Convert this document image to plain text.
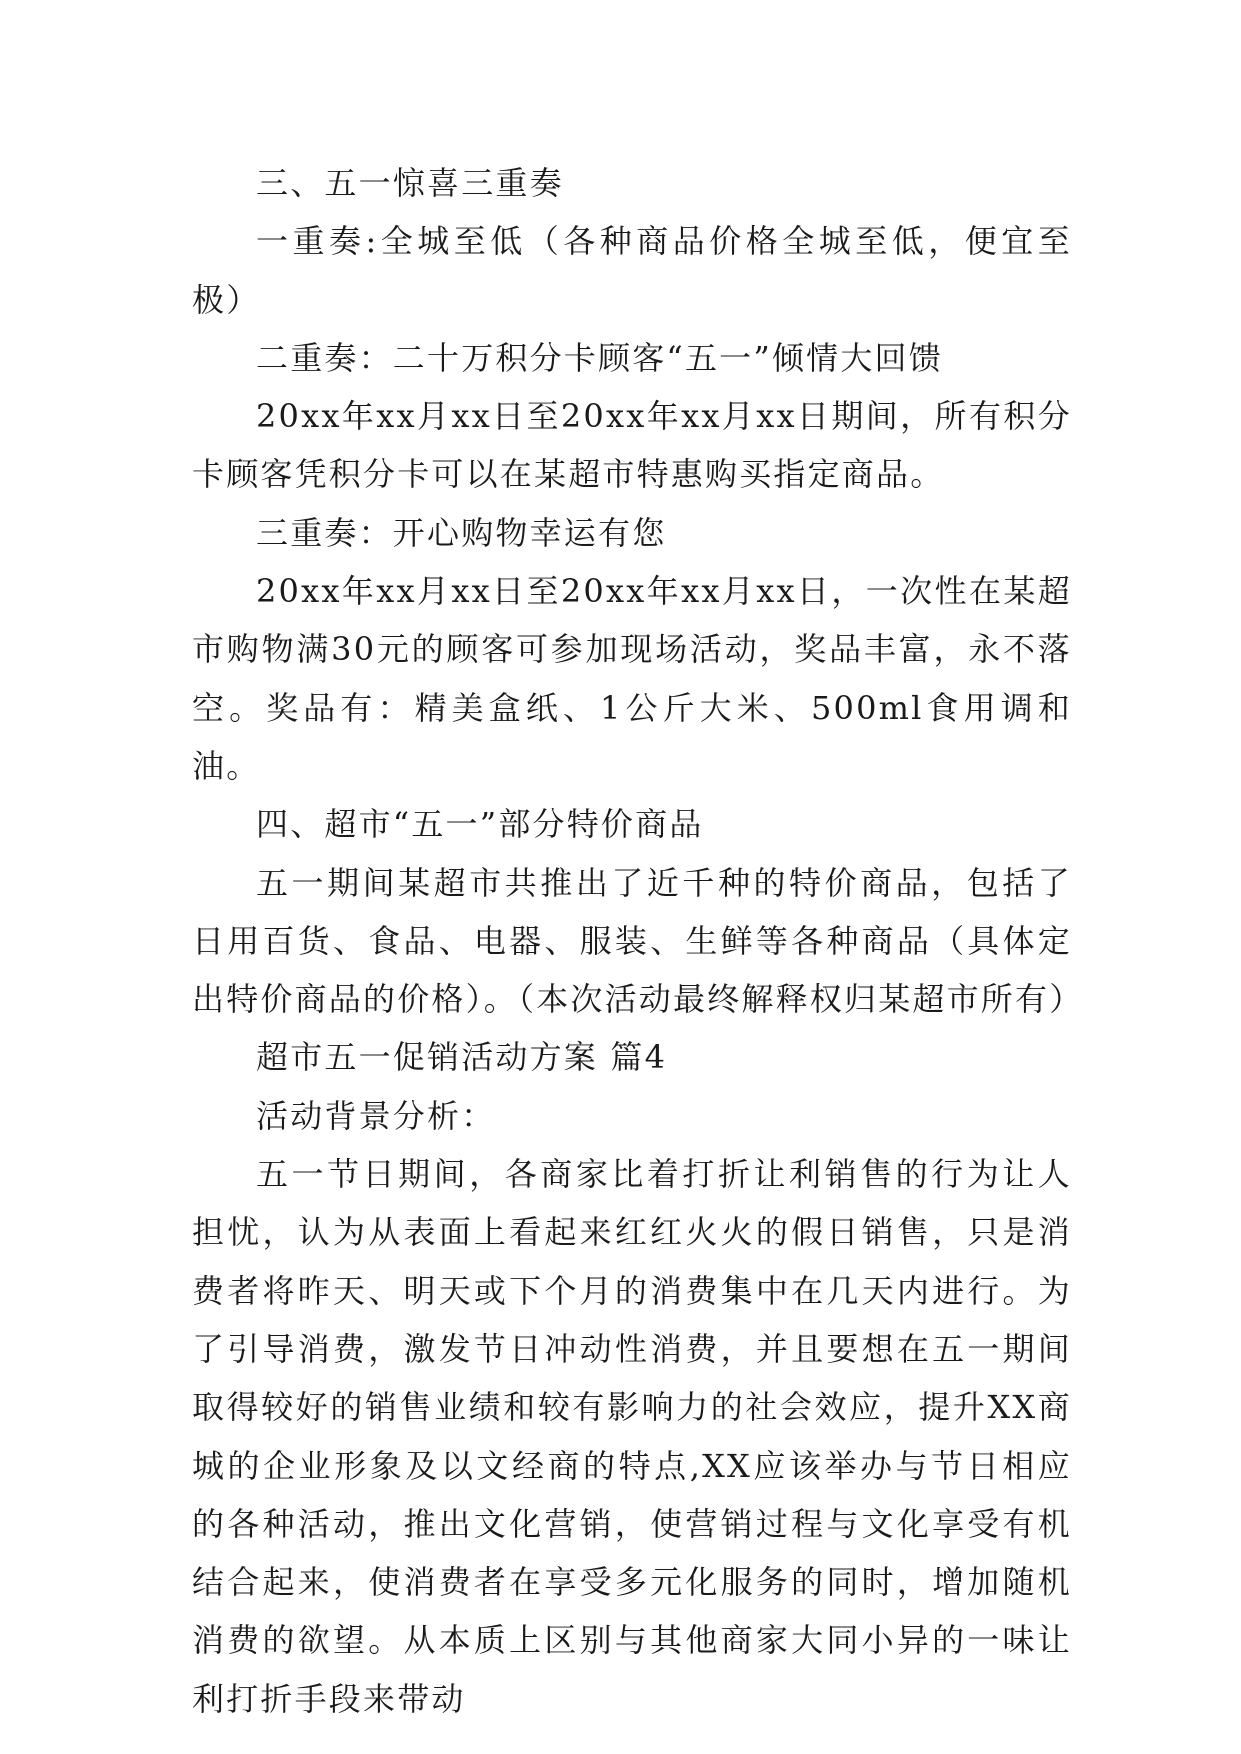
三、五一惊喜三重奏

一重奏:全城至低（各种商品价格全城至低，便宜至极）

二重奏：二十万积分卡顾客“五一”倾情大回馈

20xx年xx月xx日至20xx年xx月xx日期间，所有积分卡顾客凭积分卡可以在某超市特惠购买指定商品。

三重奏：开心购物幸运有您

20xx年xx月xx日至20xx年xx月xx日，一次性在某超市购物满30元的顾客可参加现场活动，奖品丰富，永不落空。奖品有：精美盒纸、1公斤大米、500ml食用调和油。

四、超市“五一”部分特价商品

五一期间某超市共推出了近千种的特价商品，包括了日用百货、食品、电器、服装、生鲜等各种商品（具体定出特价商品的价格）。（本次活动最终解释权归某超市所有）

超市五一促销活动方案 篇4

活动背景分析：

五一节日期间，各商家比着打折让利销售的行为让人担忧，认为从表面上看起来红红火火的假日销售，只是消费者将昨天、明天或下个月的消费集中在几天内进行。为了引导消费，激发节日冲动性消费，并且要想在五一期间取得较好的销售业绩和较有影响力的社会效应，提升XX商城的企业形象及以文经商的特点,XX应该举办与节日相应的各种活动，推出文化营销，使营销过程与文化享受有机结合起来，使消费者在享受多元化服务的同时，增加随机消费的欲望。从本质上区别与其他商家大同小异的一味让利打折手段来带动
